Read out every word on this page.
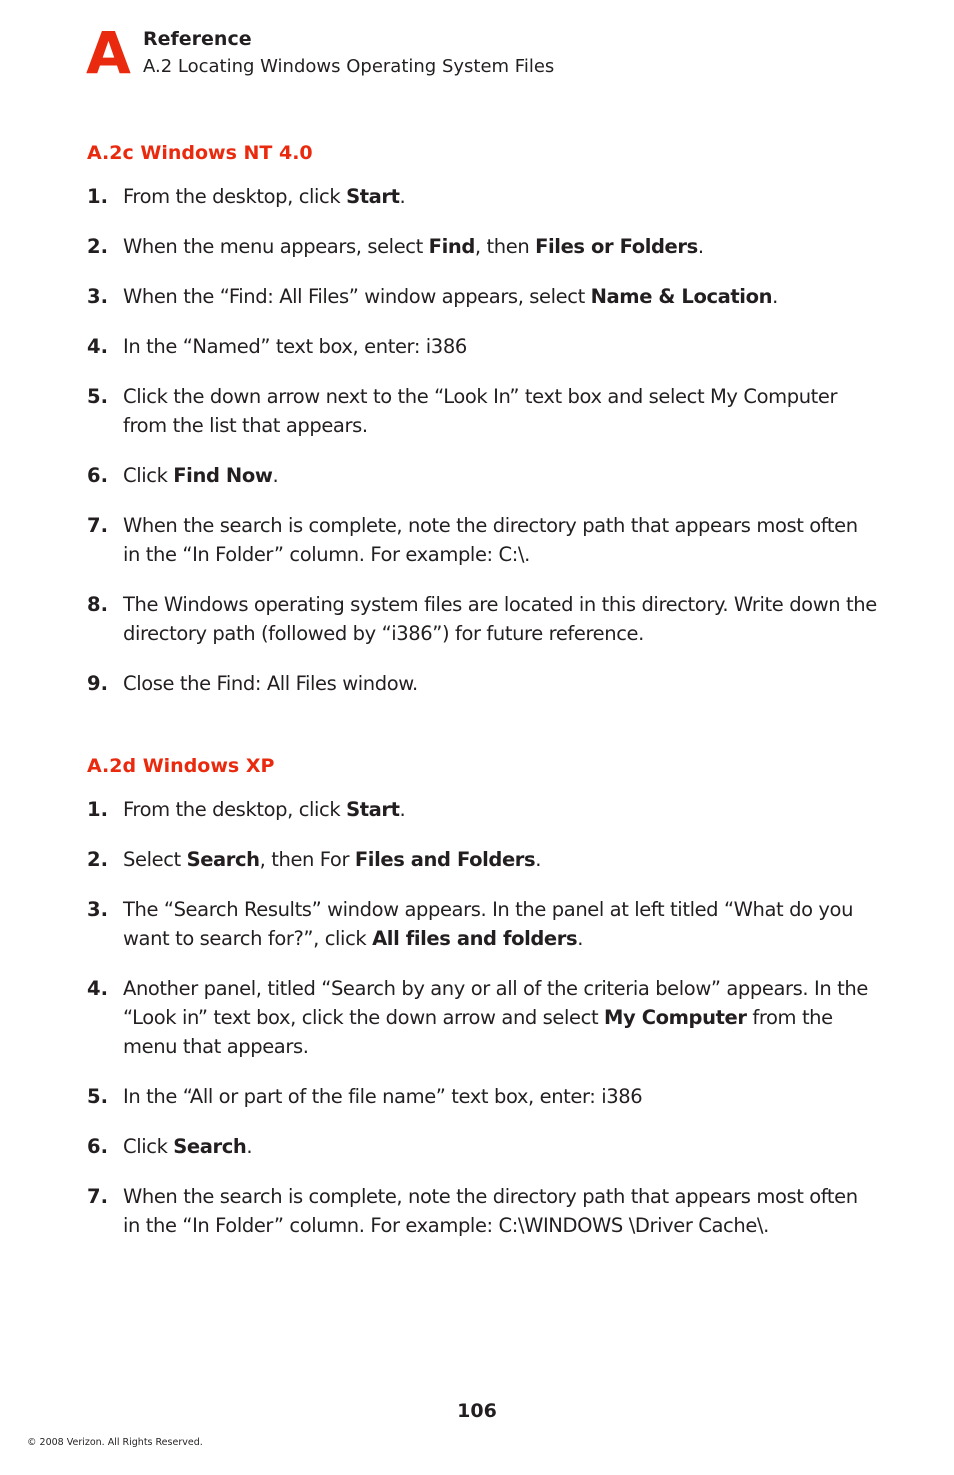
A Reference
A.2 Locating Windows Operating System Files
A.2c Windows NT 4.0
1. From the desktop, click Start.
2. When the menu appears, select Find, then Files or Folders.
3. When the “Find: All Files” window appears, select Name & Location.
4. In the “Named” text box, enter: i386
5. Click the down arrow next to the “Look In” text box and select My Computer from the list that appears.
6. Click Find Now.
7. When the search is complete, note the directory path that appears most often in the “In Folder” column. For example: C:\.
8. The Windows operating system files are located in this directory. Write down the directory path (followed by “i386”) for future reference.
9. Close the Find: All Files window.
A.2d Windows XP
1. From the desktop, click Start.
2. Select Search, then For Files and Folders.
3. The “Search Results” window appears. In the panel at left titled “What do you want to search for?”, click All files and folders.
4. Another panel, titled “Search by any or all of the criteria below” appears. In the “Look in” text box, click the down arrow and select My Computer from the menu that appears.
5. In the “All or part of the file name” text box, enter: i386
6. Click Search.
7. When the search is complete, note the directory path that appears most often in the “In Folder” column. For example: C:\WINDOWS \Driver Cache\.
106
© 2008 Verizon. All Rights Reserved.
